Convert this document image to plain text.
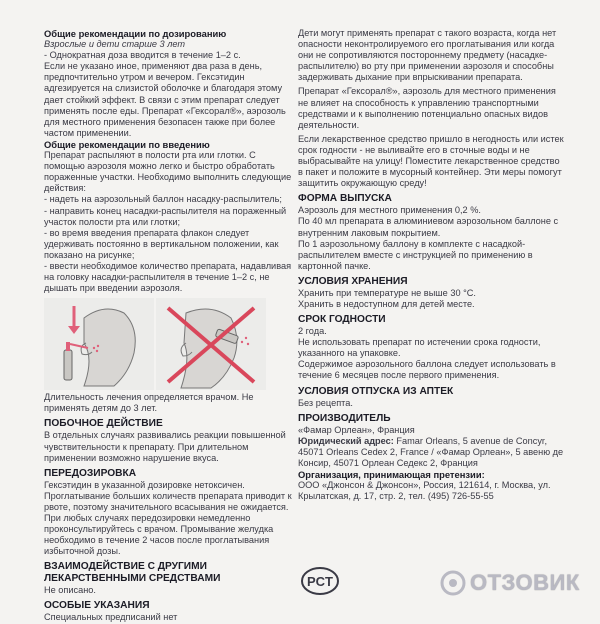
Общие рекомендации по дозированию

Взрослые и дети старше 3 лет

- Однократная доза вводится в течение 1–2 с.

Если не указано иное, применяют два раза в день, предпочтительно утром и вечером. Гексэтидин адгезируется на слизистой оболочке и благодаря этому дает стойкий эффект. В связи с этим препарат следует применять после еды. Препарат «Гексорал®», аэрозоль для местного применения безопасен также при более частом применении.

Общие рекомендации по введению

Препарат распыляют в полости рта или глотки. С помощью аэрозоля можно легко и быстро обработать пораженные участки. Необходимо выполнить следующие действия:

- надеть на аэрозольный баллон насадку-распылитель;

- направить конец насадки-распылителя на пораженный участок полости рта или глотки;

- во время введения препарата флакон следует удерживать постоянно в вертикальном положении, как показано на рисунке;

- ввести необходимое количество препарата, надавливая на головку насадки-распылителя в течение 1–2 с, не дышать при введении аэрозоля.

Длительность лечения определяется врачом. Не применять детям до 3 лет.

ПОБОЧНОЕ ДЕЙСТВИЕ

В отдельных случаях развивались реакции повышенной чувствительности к препарату. При длительном применении возможно нарушение вкуса.

ПЕРЕДОЗИРОВКА

Гексэтидин в указанной дозировке нетоксичен. Проглатывание больших количеств препарата приводит к рвоте, поэтому значительного всасывания не ожидается. При любых случаях передозировки немедленно проконсультируйтесь с врачом. Промывание желудка необходимо в течение 2 часов после проглатывания избыточной дозы.

ВЗАИМОДЕЙСТВИЕ С ДРУГИМИ ЛЕКАРСТВЕННЫМИ СРЕДСТВАМИ

Не описано.

ОСОБЫЕ УКАЗАНИЯ

Специальных предписаний нет

Дети могут применять препарат с такого возраста, когда нет опасности неконтролируемого его проглатывания или когда они не сопротивляются постороннему предмету (насадке-распылителю) во рту при применении аэрозоля и способны задерживать дыхание при впрыскивании препарата.

Препарат «Гексорал®», аэрозоль для местного применения не влияет на способность к управлению транспортными средствами и к выполнению потенциально опасных видов деятельности.

Если лекарственное средство пришло в негодность или истек срок годности - не выливайте его в сточные воды и не выбрасывайте на улицу! Поместите лекарственное средство в пакет и положите в мусорный контейнер. Эти меры помогут защитить окружающую среду!

ФОРМА ВЫПУСКА

Аэрозоль для местного применения 0,2 %.

По 40 мл препарата в алюминиевом аэрозольном баллоне с внутренним лаковым покрытием.

По 1 аэрозольному баллону в комплекте с насадкой-распылителем вместе с инструкцией по применению в картонной пачке.

УСЛОВИЯ ХРАНЕНИЯ

Хранить при температуре не выше 30 °С.

Хранить в недоступном для детей месте.

СРОК ГОДНОСТИ

2 года.

Не использовать препарат по истечении срока годности, указанного на упаковке.

Содержимое аэрозольного баллона следует использовать в течение 6 месяцев после первого применения.

УСЛОВИЯ ОТПУСКА ИЗ АПТЕК

Без рецепта.

ПРОИЗВОДИТЕЛЬ

«Фамар Орлеан», Франция

Юридический адрес: Famar Orleans, 5 avenue de Concyr, 45071 Orleans Cedex 2, France / «Фамар Орлеан», 5 авеню де Консир, 45071 Орлеан Седекс 2, Франция

Организация, принимающая претензии:

ООО «Джонсон & Джонсон», Россия, 121614, г. Москва, ул. Крылатская, д. 17, стр. 2, тел. (495) 726-55-55

PCT	ОТЗОВИК
